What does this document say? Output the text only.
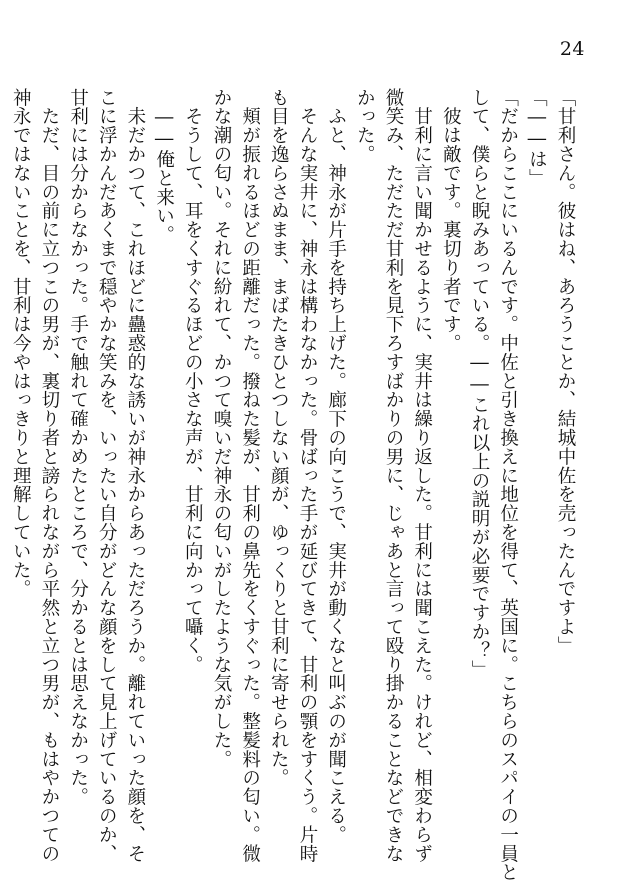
24
「甘利さん。彼はね、あろうことか、結城中佐を売ったんですよ」
「――は」
「だからここにいるんです。中佐と引き換えに地位を得て、英国に。こちらのスパイの一員と
して、僕らと睨みあっている。――これ以上の説明が必要ですか？」
　彼は敵です。裏切り者です。
　甘利に言い聞かせるように、実井は繰り返した。甘利には聞こえた。けれど、相変わらず
微笑み、ただただ甘利を見下ろすばかりの男に、じゃあと言って殴り掛かることなどできな
かった。
　ふと、神永が片手を持ち上げた。廊下の向こうで、実井が動くなと叫ぶのが聞こえる。
　そんな実井に、神永は構わなかった。骨ばった手が延びてきて、甘利の顎をすくう。片時
も目を逸らさぬまま、まばたきひとつしない顔が、ゆっくりと甘利に寄せられた。
　頬が振れるほどの距離だった。撥ねた髪が、甘利の鼻先をくすぐった。整髪料の匂い。微
かな潮の匂い。それに紛れて、かつて嗅いだ神永の匂いがしたような気がした。
　そうして、耳をくすぐるほどの小さな声が、甘利に向かって囁く。
　――俺と来い。
　未だかつて、これほどに蠱惑的な誘いが神永からあっただろうか。離れていった顔を、そ
こに浮かんだあくまで穏やかな笑みを、いったい自分がどんな顔をして見上げているのか、
甘利には分からなかった。手で触れて確かめたところで、分かるとは思えなかった。
　ただ、目の前に立つこの男が、裏切り者と謗られながら平然と立つ男が、もはやかつての
神永ではないことを、甘利は今やはっきりと理解していた。
